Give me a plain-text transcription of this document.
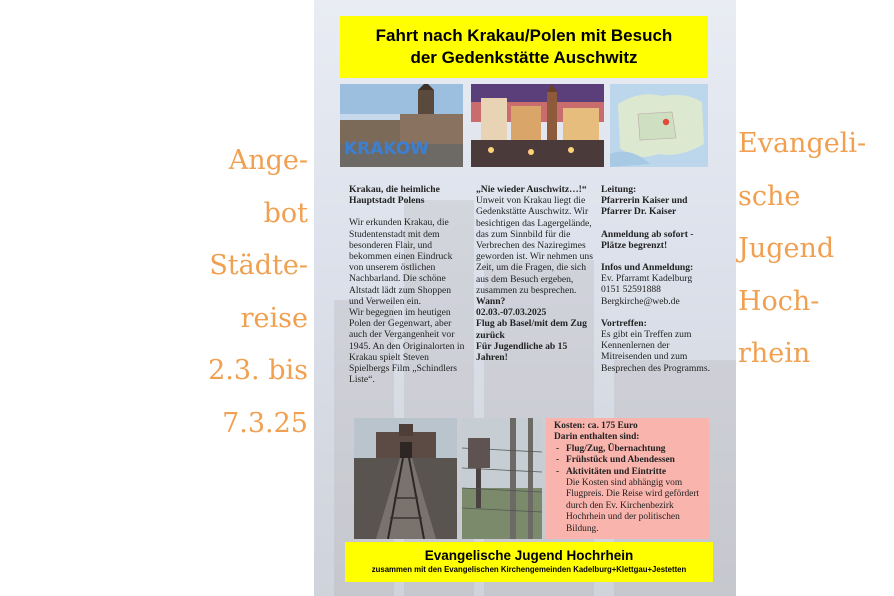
Ange-
bot
Städte-
reise
2.3. bis
7.3.25
Evangeli-
sche
Jugend
Hoch-
rhein
Fahrt nach Krakau/Polen mit Besuch
der Gedenkstätte Auschwitz
KRAKOW

Krakau, die heimliche Hauptstadt Polens

Wir erkunden Krakau, die Studentenstadt mit dem besonderen Flair, und bekommen einen Eindruck von unserem östlichen Nachbarland. Die schöne Altstadt lädt zum Shoppen und Verweilen ein.

Wir begegnen im heutigen Polen der Gegenwart, aber auch der Vergangenheit vor 1945. An den Originalorten in Krakau spielt Steven Spielbergs Film „Schindlers Liste“.

„Nie wieder Auschwitz…!“

Unweit von Krakau liegt die Gedenkstätte Auschwitz. Wir besichtigen das Lagergelände, das zum Sinnbild für die Verbrechen des Naziregimes geworden ist. Wir nehmen uns Zeit, um die Fragen, die sich aus dem Besuch ergeben, zusammen zu besprechen.

Wann?

02.03.-07.03.2025

Flug ab Basel/mit dem Zug zurück

Für Jugendliche ab 15 Jahren!

Leitung:

Pfarrerin Kaiser und Pfarrer Dr. Kaiser

Anmeldung ab sofort - Plätze begrenzt!

Infos und Anmeldung:

Ev. Pfarramt Kadelburg

0151 52591888

Bergkirche@web.de

Vortreffen:

Es gibt ein Treffen zum Kennenlernen der Mitreisenden und zum Besprechen des Programms.

Kosten: ca. 175 Euro

Darin enthalten sind:

- Flug/Zug, Übernachtung
- Frühstück und Abendessen
- Aktivitäten und Eintritte

Die Kosten sind abhängig vom Flugpreis. Die Reise wird gefördert durch den Ev. Kirchenbezirk Hochrhein und der politischen Bildung.

Evangelische Jugend Hochrhein
zusammen mit den Evangelischen Kirchengemeinden Kadelburg+Klettgau+Jestetten
